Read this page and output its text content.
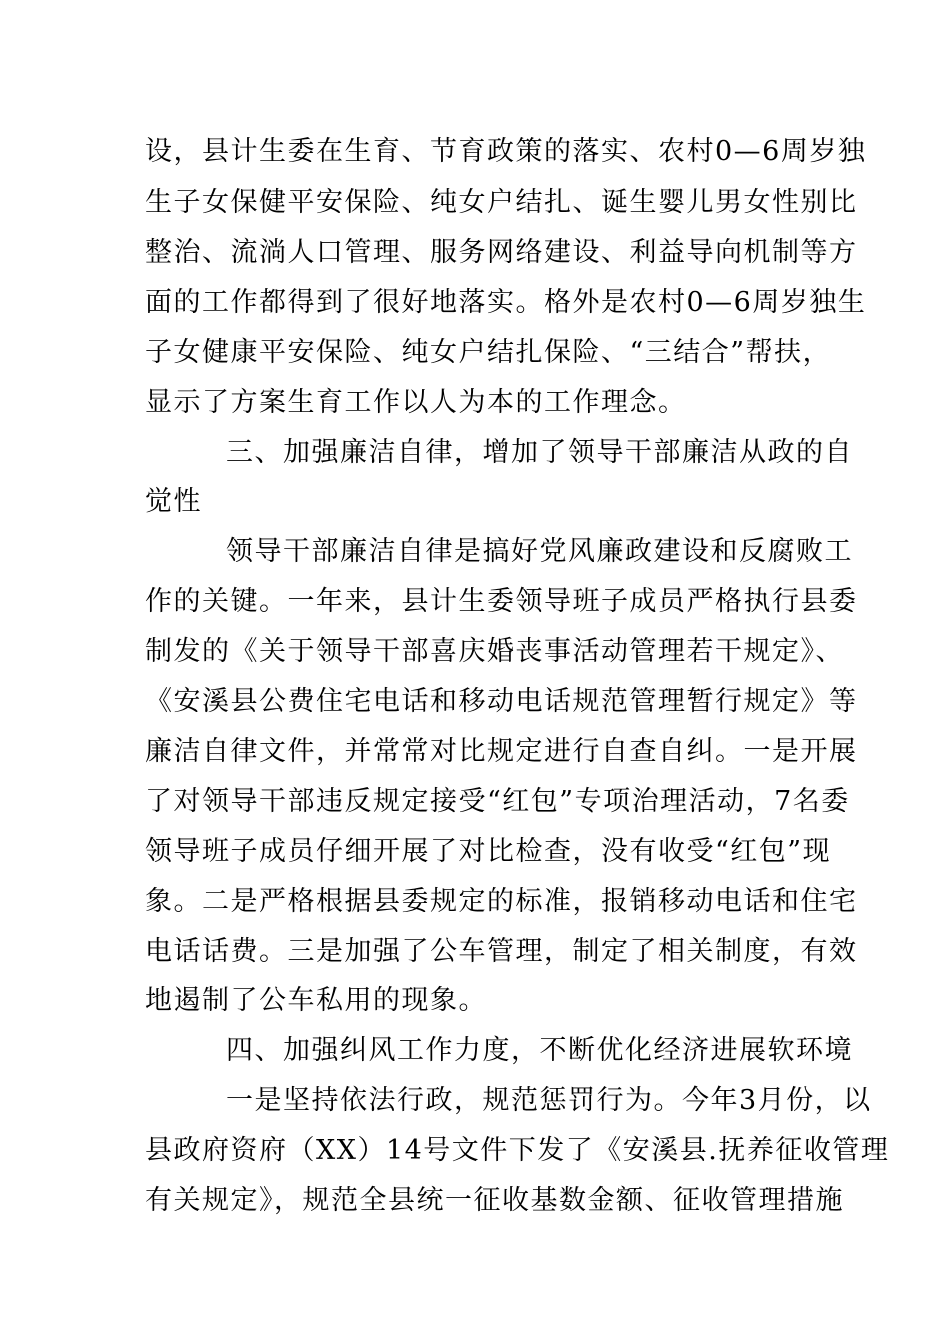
设，县计生委在生育、节育政策的落实、农村0—6周岁独
生子女保健平安保险、纯女户结扎、诞生婴儿男女性别比
整治、流淌人口管理、服务网络建设、利益导向机制等方
面的工作都得到了很好地落实。格外是农村0—6周岁独生
子女健康平安保险、纯女户结扎保险、“三结合”帮扶，
显示了方案生育工作以人为本的工作理念。
三、加强廉洁自律，增加了领导干部廉洁从政的自
觉性
领导干部廉洁自律是搞好党风廉政建设和反腐败工
作的关键。一年来，县计生委领导班子成员严格执行县委
制发的《关于领导干部喜庆婚丧事活动管理若干规定》、
《安溪县公费住宅电话和移动电话规范管理暂行规定》等
廉洁自律文件，并常常对比规定进行自查自纠。一是开展
了对领导干部违反规定接受“红包”专项治理活动，7名委
领导班子成员仔细开展了对比检查，没有收受“红包”现
象。二是严格根据县委规定的标准，报销移动电话和住宅
电话话费。三是加强了公车管理，制定了相关制度，有效
地遏制了公车私用的现象。
四、加强纠风工作力度，不断优化经济进展软环境
一是坚持依法行政，规范惩罚行为。今年3月份，以
县政府资府（XX）14号文件下发了《安溪县.抚养征收管理
有关规定》，规范全县统一征收基数金额、征收管理措施
